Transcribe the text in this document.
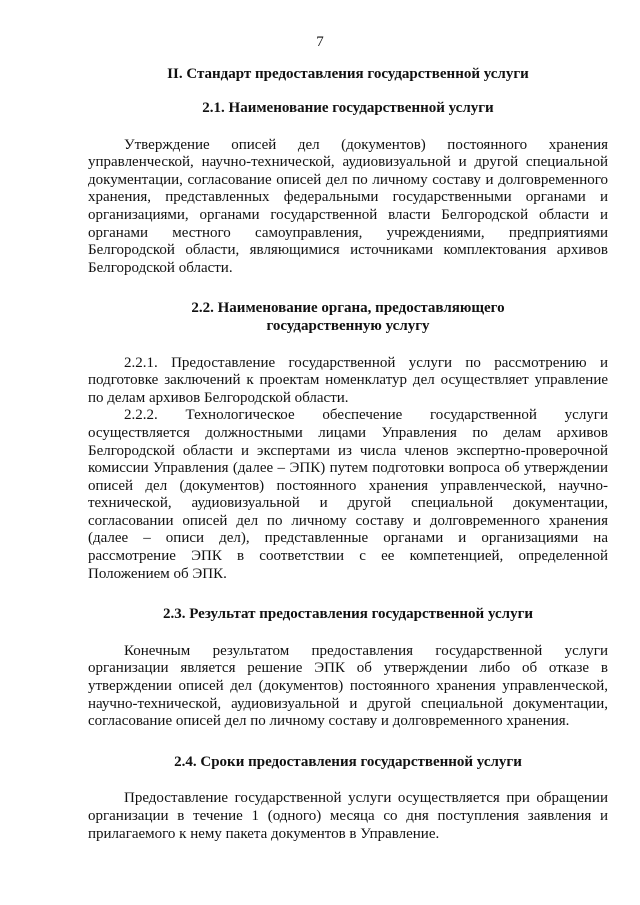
7

II. Стандарт предоставления государственной услуги

2.1. Наименование государственной услуги

Утверждение описей дел (документов) постоянного хранения управленческой, научно-технической, аудиовизуальной и другой специальной документации, согласование описей дел по личному составу и долговременного хранения, представленных федеральными государственными органами и организациями, органами государственной власти Белгородской области и органами местного самоуправления, учреждениями, предприятиями Белгородской области, являющимися источниками комплектования архивов Белгородской области.

2.2. Наименование органа, предоставляющего

государственную услугу

2.2.1. Предоставление государственной услуги по рассмотрению и подготовке заключений к проектам номенклатур дел осуществляет управление по делам архивов Белгородской области.

2.2.2. Технологическое обеспечение государственной услуги осуществляется должностными лицами Управления по делам архивов Белгородской области и экспертами из числа членов экспертно-проверочной комиссии Управления (далее – ЭПК) путем подготовки вопроса об утверждении описей дел (документов) постоянного хранения управленческой, научно-технической, аудиовизуальной и другой специальной документации, согласовании описей дел по личному составу и долговременного хранения (далее – описи дел), представленные органами и организациями на рассмотрение ЭПК в соответствии с ее компетенцией, определенной Положением об ЭПК.

2.3. Результат предоставления государственной услуги

Конечным результатом предоставления государственной услуги организации является решение ЭПК об утверждении либо об отказе в утверждении описей дел (документов) постоянного хранения управленческой, научно-технической, аудиовизуальной и другой специальной документации, согласование описей дел по личному составу и долговременного хранения.

2.4. Сроки предоставления государственной услуги

Предоставление государственной услуги осуществляется при обращении организации в течение 1 (одного) месяца со дня поступления заявления и прилагаемого к нему пакета документов в Управление.
